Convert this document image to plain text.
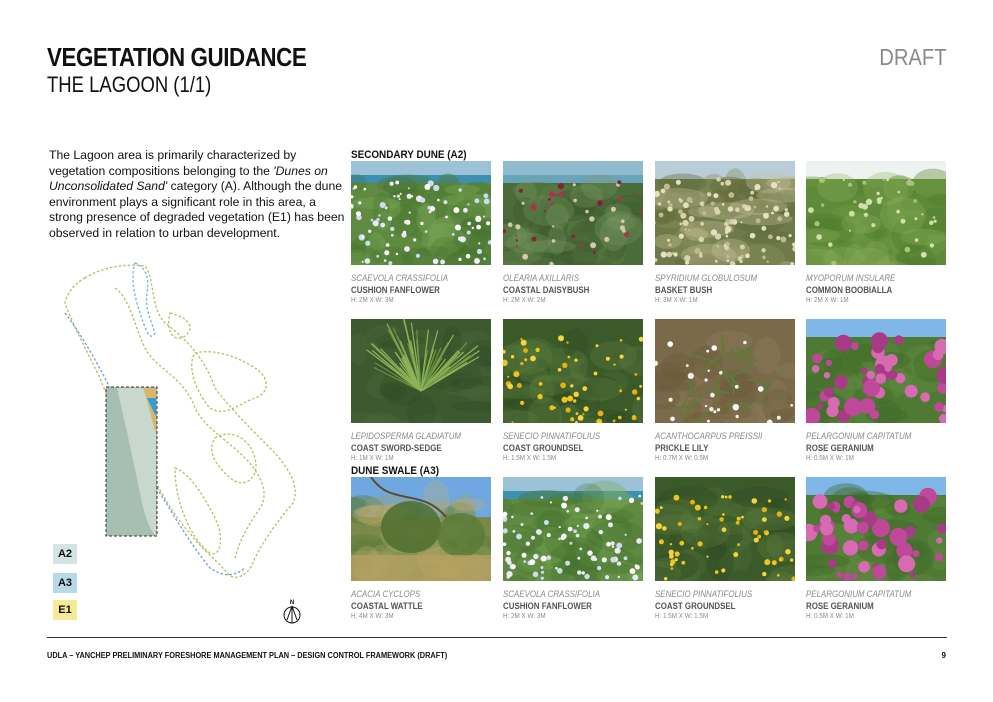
VEGETATION GUIDANCE
THE LAGOON (1/1)
DRAFT

The Lagoon area is primarily characterized by vegetation compositions belonging to the 'Dunes on Unconsolidated Sand' category (A). Although the dune environment plays a significant role in this area, a strong presence of degraded vegetation (E1) has been observed in relation to urban development.

SECONDARY DUNE (A2)
DUNE SWALE (A3)
SCAEVOLA CRASSIFOLIA
CUSHION FANFLOWER
H: 2M X W: 3M
OLEARIA AXILLARIS
COASTAL DAISYBUSH
H: 2M X W: 2M
SPYRIDIUM GLOBULOSUM
BASKET BUSH
H: 3M X W: 1M
MYOPORUM INSULARE
COMMON BOOBIALLA
H: 2M X W: 1M
LEPIDOSPERMA GLADIATUM
COAST SWORD-SEDGE
H: 1M X W: 1M
SENECIO PINNATIFOLIUS
COAST GROUNDSEL
H: 1.5M X W: 1.5M
ACANTHOCARPUS PREISSII
PRICKLE LILY
H: 0.7M X W: 0.5M
PELARGONIUM CAPITATUM
ROSE GERANIUM
H: 0.5M X W: 1M
ACACIA CYCLOPS
COASTAL WATTLE
H: 4M X W: 3M
SCAEVOLA CRASSIFOLIA
CUSHION FANFLOWER
H: 2M X W: 3M
SENECIO PINNATIFOLIUS
COAST GROUNDSEL
H: 1.5M X W: 1.5M
PELARGONIUM CAPITATUM
ROSE GERANIUM
H: 0.5M X W: 1M
A2
A3
E1
N
UDLA – YANCHEP PRELIMINARY FORESHORE MANAGEMENT PLAN – DESIGN CONTROL FRAMEWORK (DRAFT)	9
